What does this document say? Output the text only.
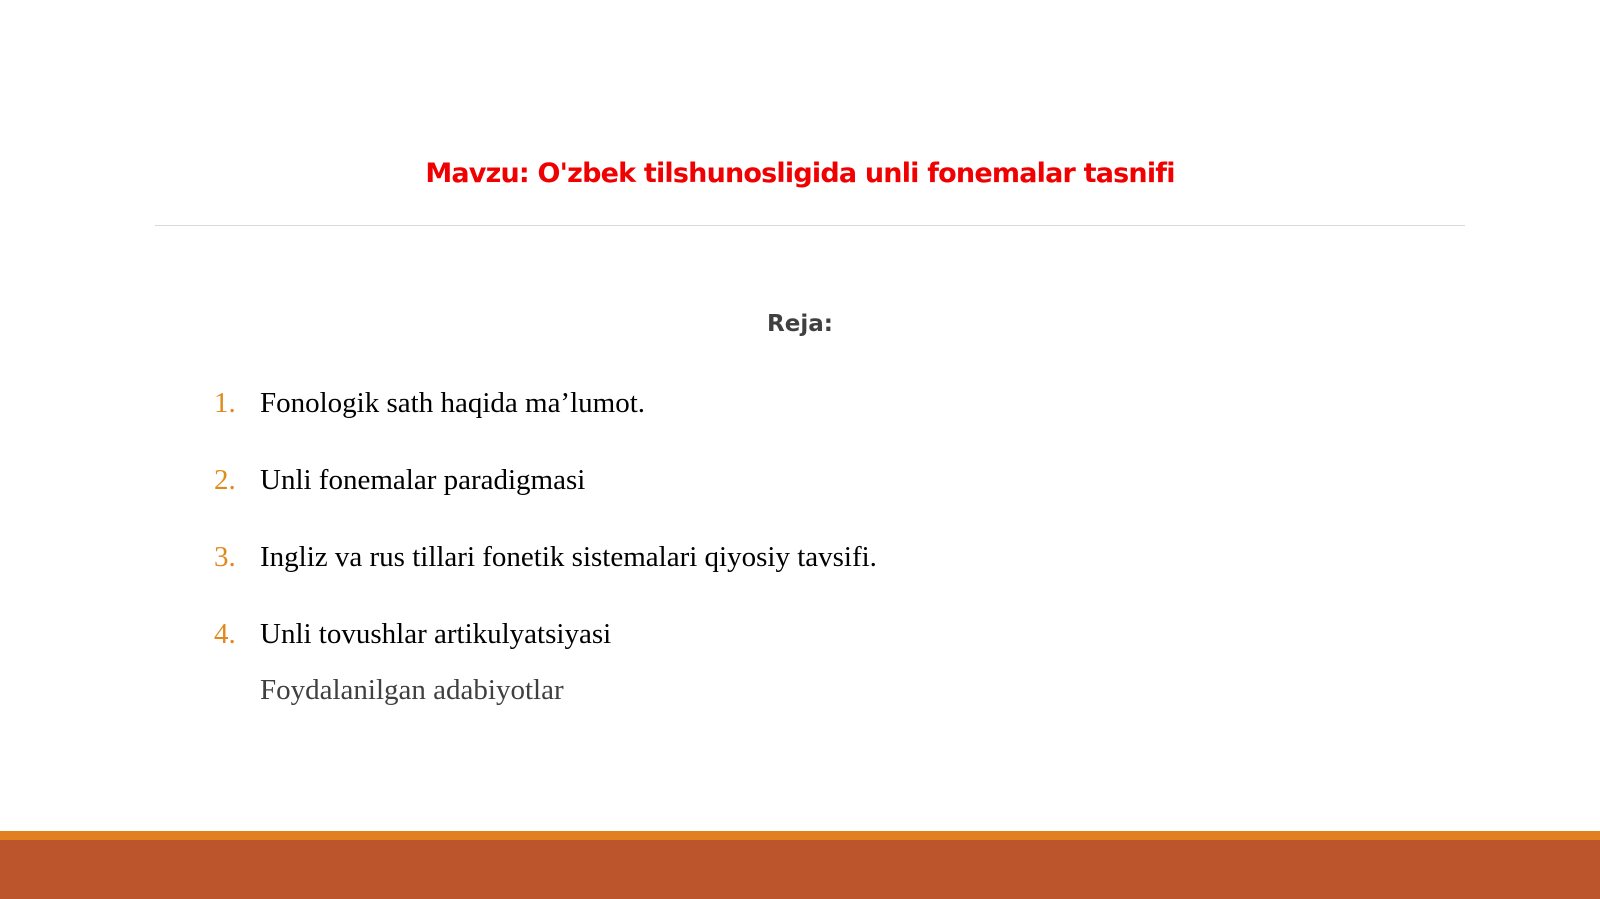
Mavzu: O'zbek tilshunosligida unli fonemalar tasnifi
Reja:
1. Fonologik sath haqida ma’lumot.
2. Unli fonemalar paradigmasi
3. Ingliz va rus tillari fonetik sistemalari qiyosiy tavsifi.
4. Unli tovushlar artikulyatsiyasi
Foydalanilgan adabiyotlar
